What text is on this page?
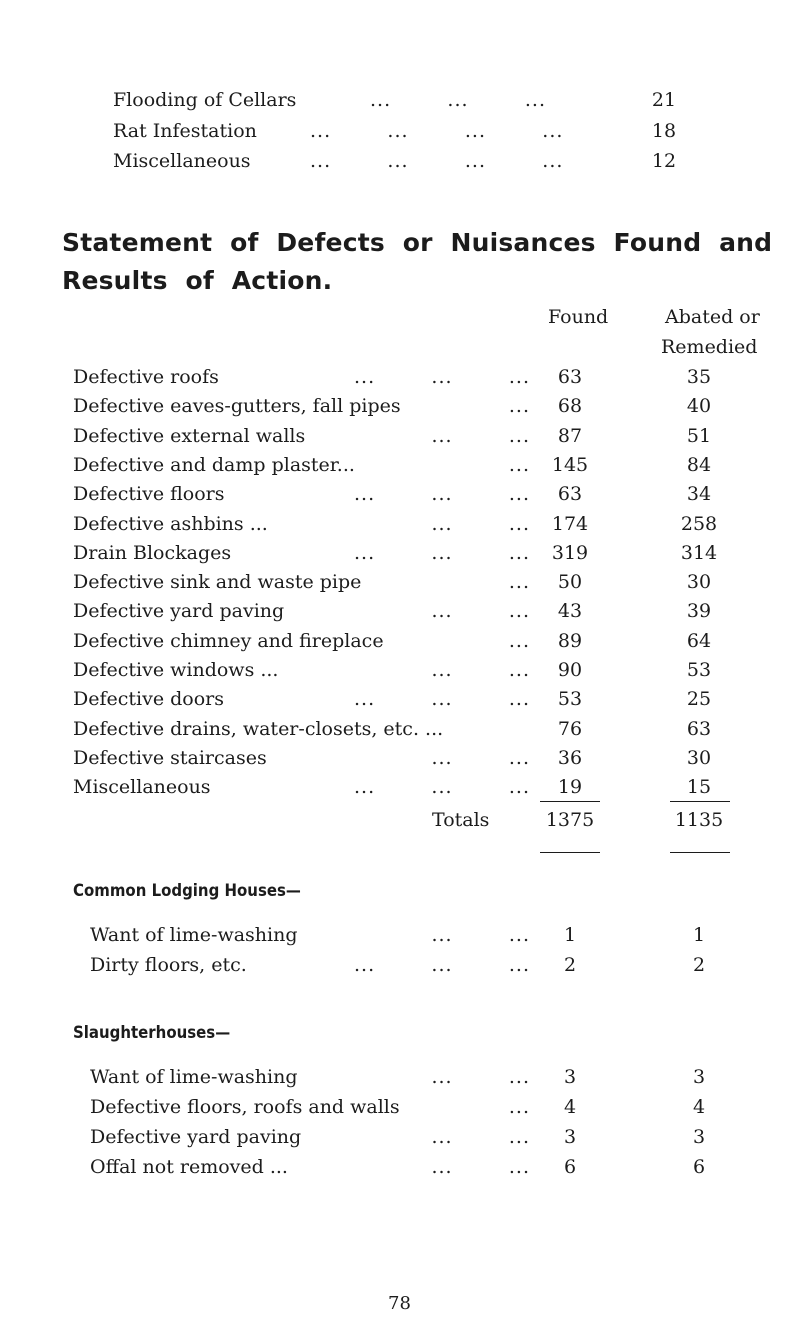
Flooding of Cellars	...        ...        ...	21
Rat Infestation	...        ...        ...        ...	18
Miscellaneous	...        ...        ...        ...	12
Statement  of  Defects  or  Nuisances  Found  and
Results  of  Action.
Found	Abated or
Remedied
Defective roofs	...        ...        ...	63	35
Defective eaves-gutters, fall pipes	...	68	40
Defective external walls	...        ...	87	51
Defective and damp plaster...	...	145	84
Defective floors	...        ...        ...	63	34
Defective ashbins ...	...        ...	174	258
Drain Blockages	...        ...        ...	319	314
Defective sink and waste pipe	...	50	30
Defective yard paving	...        ...	43	39
Defective chimney and fireplace	...	89	64
Defective windows ...	...        ...	90	53
Defective doors	...        ...        ...	53	25
Defective drains, water-closets, etc. ...	76	63
Defective staircases	...        ...	36	30
Miscellaneous	...        ...        ...	19	15
Totals	1375	1135
Common Lodging Houses—
Want of lime-washing	...        ...	1	1
Dirty floors, etc.	...        ...        ...	2	2
Slaughterhouses—
Want of lime-washing	...        ...	3	3
Defective floors, roofs and walls	...	4	4
Defective yard paving	...        ...	3	3
Offal not removed ...	...        ...	6	6
78
